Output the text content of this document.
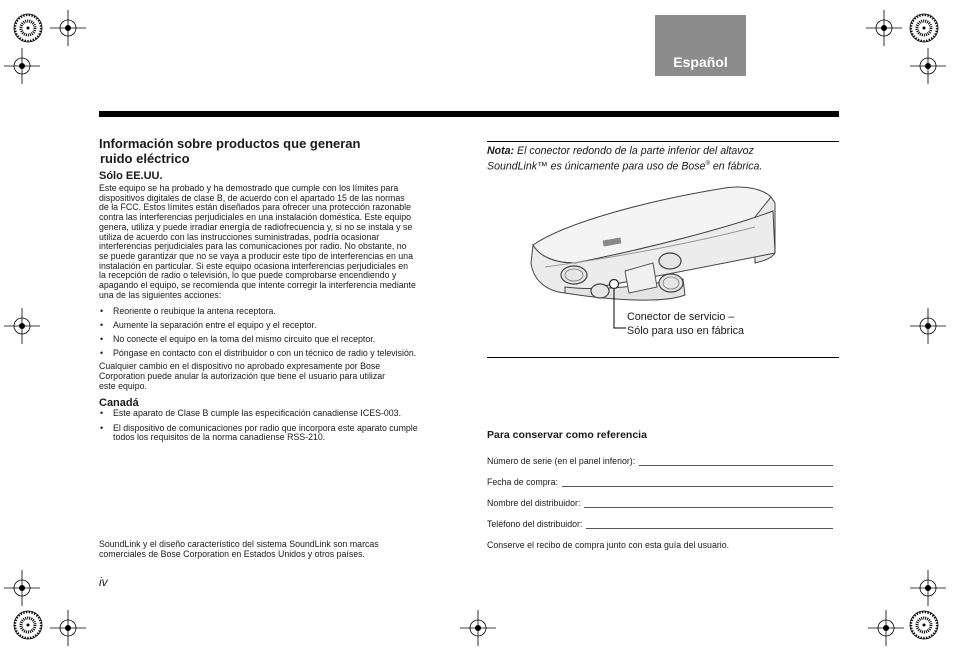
Español
Información sobre productos que generan
ruido eléctrico
Sólo EE.UU.
Este equipo se ha probado y ha demostrado que cumple con los límites para
dispositivos digitales de clase B, de acuerdo con el apartado 15 de las normas
de la FCC. Estos límites están diseñados para ofrecer una protección razonable
contra las interferencias perjudiciales en una instalación doméstica. Este equipo
genera, utiliza y puede irradiar energía de radiofrecuencia y, si no se instala y se
utiliza de acuerdo con las instrucciones suministradas, podría ocasionar
interferencias perjudiciales para las comunicaciones por radio. No obstante, no
se puede garantizar que no se vaya a producir este tipo de interferencias en una
instalación en particular. Si este equipo ocasiona interferencias perjudiciales en
la recepción de radio o televisión, lo que puede comprobarse encendiendo y
apagando el equipo, se recomienda que intente corregir la interferencia mediante
una de las siguientes acciones:
• Reoriente o reubique la antena receptora.
• Aumente la separación entre el equipo y el receptor.
• No conecte el equipo en la toma del mismo circuito que el receptor.
• Póngase en contacto con el distribuidor o con un técnico de radio y televisión.
Cualquier cambio en el dispositivo no aprobado expresamente por Bose
Corporation puede anular la autorización que tiene el usuario para utilizar
este equipo.
Canadá
• Este aparato de Clase B cumple las especificación canadiense ICES-003.
• El dispositivo de comunicaciones por radio que incorpora este aparato cumple
todos los requisitos de la norma canadiense RSS-210.
SoundLink y el diseño característico del sistema SoundLink son marcas
comerciales de Bose Corporation en Estados Unidos y otros países.
iv
Nota: El conector redondo de la parte inferior del altavoz
SoundLink™ es únicamente para uso de Bose® en fábrica.
Conector de servicio –
Sólo para uso en fábrica
Para conservar como referencia
Número de serie (en el panel inferior):
Fecha de compra:
Nombre del distribuidor:
Teléfono del distribuidor:
Conserve el recibo de compra junto con esta guía del usuario.
